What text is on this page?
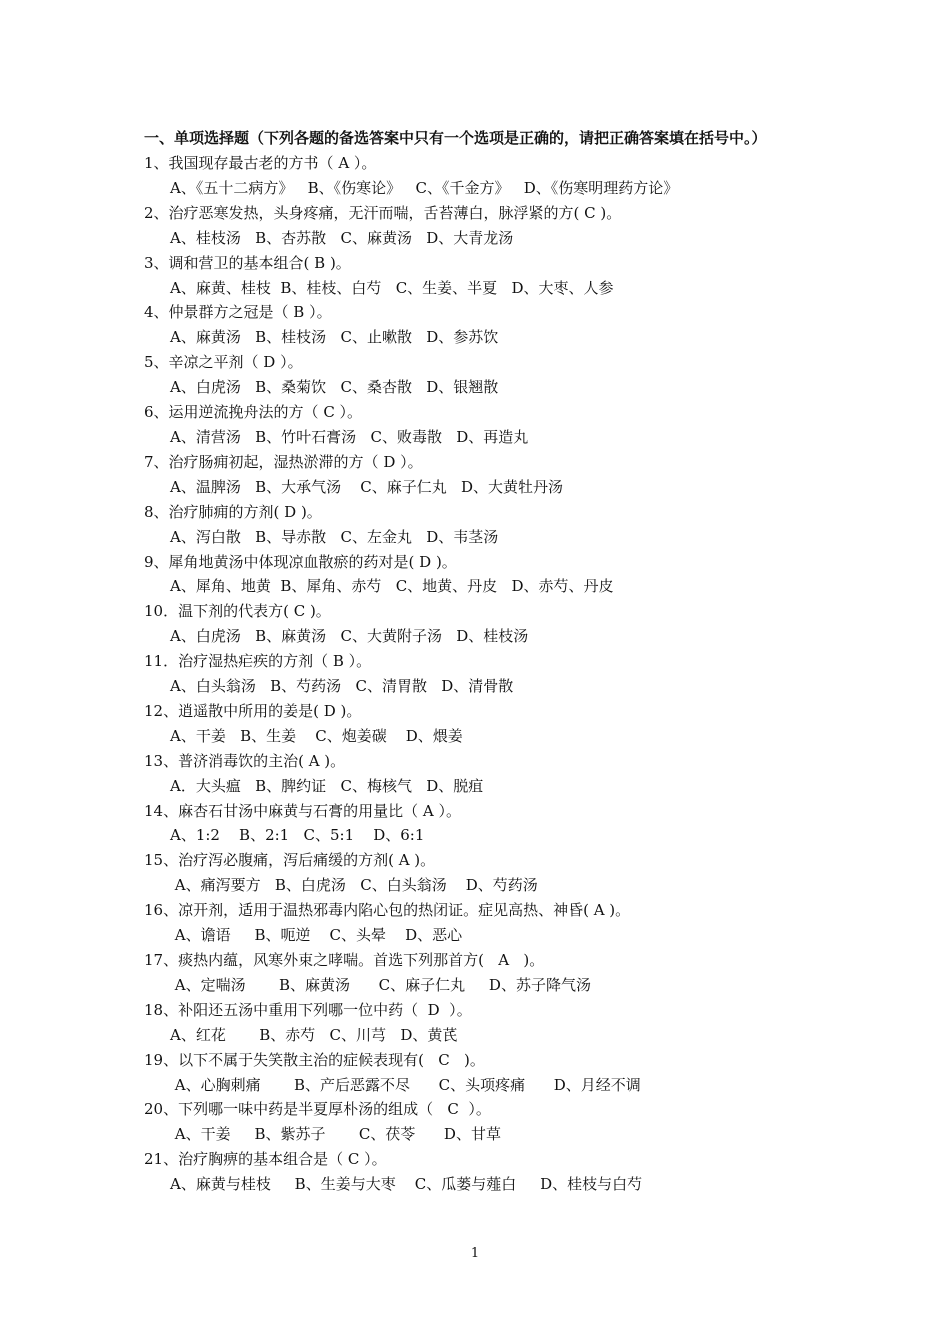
一、单项选择题（下列各题的备选答案中只有一个选项是正确的，请把正确答案填在括号中。）

1、我国现存最古老的方书（ A ）。
A、《五十二病方》   B、《伤寒论》   C、《千金方》   D、《伤寒明理药方论》
2、治疗恶寒发热，头身疼痛，无汗而喘，舌苔薄白，脉浮紧的方( C )。
A、桂枝汤   B、杏苏散   C、麻黄汤   D、大青龙汤
3、调和营卫的基本组合( B )。
A、麻黄、桂枝  B、桂枝、白芍   C、生姜、半夏   D、大枣、人参
4、仲景群方之冠是（ B ）。
A、麻黄汤   B、桂枝汤   C、止嗽散   D、参苏饮
5、辛凉之平剂（ D ）。
A、白虎汤   B、桑菊饮   C、桑杏散   D、银翘散
6、运用逆流挽舟法的方（ C ）。
A、清营汤   B、竹叶石膏汤   C、败毒散   D、再造丸
7、治疗肠痈初起，湿热淤滞的方（ D ）。
A、温脾汤   B、大承气汤    C、麻子仁丸   D、大黄牡丹汤
8、治疗肺痈的方剂( D )。
A、泻白散   B、导赤散   C、左金丸   D、韦茎汤
9、犀角地黄汤中体现凉血散瘀的药对是( D )。
A、犀角、地黄  B、犀角、赤芍   C、地黄、丹皮   D、赤芍、丹皮
10．温下剂的代表方( C )。
A、白虎汤   B、麻黄汤   C、大黄附子汤   D、桂枝汤
11．治疗湿热疟疾的方剂（ B ）。
A、白头翁汤   B、芍药汤   C、清胃散   D、清骨散
12、逍遥散中所用的姜是( D )。
A、干姜   B、生姜    C、炮姜碳    D、煨姜
13、普济消毒饮的主治( A )。
A．大头瘟   B、脾约证   C、梅核气   D、脱疽
14、麻杏石甘汤中麻黄与石膏的用量比（ A ）。
A、1:2    B、2:1   C、5:1    D、6:1
15、治疗泻必腹痛，泻后痛缓的方剂( A )。
A、痛泻要方   B、白虎汤   C、白头翁汤    D、芍药汤
16、凉开剂，适用于温热邪毒内陷心包的热闭证。症见高热、神昏( A )。
A、谵语     B、呃逆    C、头晕    D、恶心
17、痰热内蕴，风寒外束之哮喘。首选下列那首方(   A   )。
A、定喘汤       B、麻黄汤      C、麻子仁丸     D、苏子降气汤
18、补阳还五汤中重用下列哪一位中药（  D  ）。
A、红花       B、赤芍   C、川芎   D、黄芪
19、以下不属于失笑散主治的症候表现有(   C   )。
A、心胸刺痛       B、产后恶露不尽      C、头项疼痛      D、月经不调
20、下列哪一味中药是半夏厚朴汤的组成（   C  ）。
A、干姜     B、紫苏子       C、茯苓      D、甘草
21、治疗胸痹的基本组合是（ C ）。
A、麻黄与桂枝     B、生姜与大枣    C、瓜蒌与薤白     D、桂枝与白芍
1
